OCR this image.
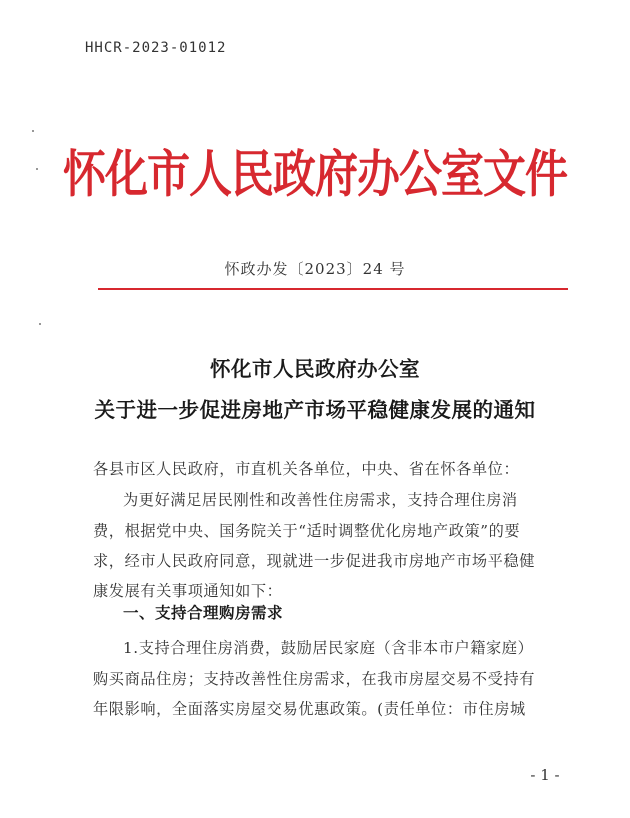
HHCR-2023-01012
怀化市人民政府办公室文件
怀政办发〔2023〕24 号
怀化市人民政府办公室
关于进一步促进房地产市场平稳健康发展的通知
各县市区人民政府，市直机关各单位，中央、省在怀各单位：
为更好满足居民刚性和改善性住房需求，支持合理住房消
费，根据党中央、国务院关于“适时调整优化房地产政策”的要
求，经市人民政府同意，现就进一步促进我市房地产市场平稳健
康发展有关事项通知如下：
一、支持合理购房需求
1.支持合理住房消费，鼓励居民家庭（含非本市户籍家庭）
购买商品住房；支持改善性住房需求，在我市房屋交易不受持有
年限影响，全面落实房屋交易优惠政策。(责任单位：市住房城
- 1 -
